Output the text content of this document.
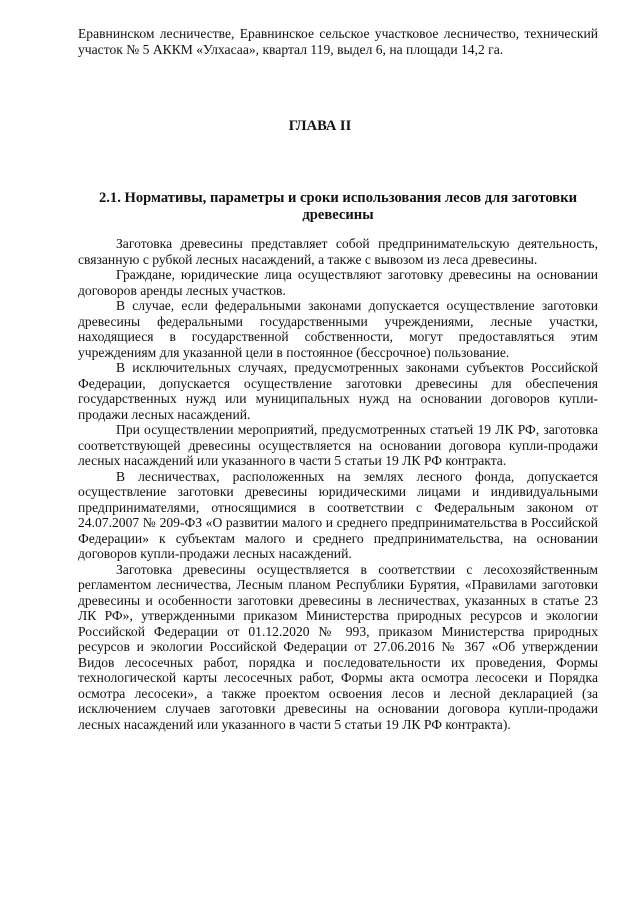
Еравнинском лесничестве, Еравнинское сельское участковое лесничество, технический участок № 5 АККМ «Улхасаа», квартал 119, выдел 6, на площади 14,2 га.

ГЛАВА II
2.1. Нормативы, параметры и сроки использования лесов для заготовки древесины

Заготовка древесины представляет собой предпринимательскую деятельность, связанную с рубкой лесных насаждений, а также с вывозом из леса древесины.

Граждане, юридические лица осуществляют заготовку древесины на основании договоров аренды лесных участков.

В случае, если федеральными законами допускается осуществление заготовки древесины федеральными государственными учреждениями, лесные участки, находящиеся в государственной собственности, могут предоставляться этим учреждениям для указанной цели в постоянное (бессрочное) пользование.

В исключительных случаях, предусмотренных законами субъектов Российской Федерации, допускается осуществление заготовки древесины для обеспечения государственных нужд или муниципальных нужд на основании договоров купли-продажи лесных насаждений.

При осуществлении мероприятий, предусмотренных статьей 19 ЛК РФ, заготовка соответствующей древесины осуществляется на основании договора купли-продажи лесных насаждений или указанного в части 5 статьи 19 ЛК РФ контракта.

В лесничествах, расположенных на землях лесного фонда, допускается осуществление заготовки древесины юридическими лицами и индивидуальными предпринимателями, относящимися в соответствии с Федеральным законом от 24.07.2007 № 209-ФЗ «О развитии малого и среднего предпринимательства в Российской Федерации» к субъектам малого и среднего предпринимательства, на основании договоров купли-продажи лесных насаждений.

Заготовка древесины осуществляется в соответствии с лесохозяйственным регламентом лесничества, Лесным планом Республики Бурятия, «Правилами заготовки древесины и особенности заготовки древесины в лесничествах, указанных в статье 23 ЛК РФ», утвержденными приказом Министерства природных ресурсов и экологии Российской Федерации от 01.12.2020 № 993, приказом Министерства природных ресурсов и экологии Российской Федерации от 27.06.2016 № 367 «Об утверждении Видов лесосечных работ, порядка и последовательности их проведения, Формы технологической карты лесосечных работ, Формы акта осмотра лесосеки и Порядка осмотра лесосеки», а также проектом освоения лесов и лесной декларацией (за исключением случаев заготовки древесины на основании договора купли-продажи лесных насаждений или указанного в части 5 статьи 19 ЛК РФ контракта).
